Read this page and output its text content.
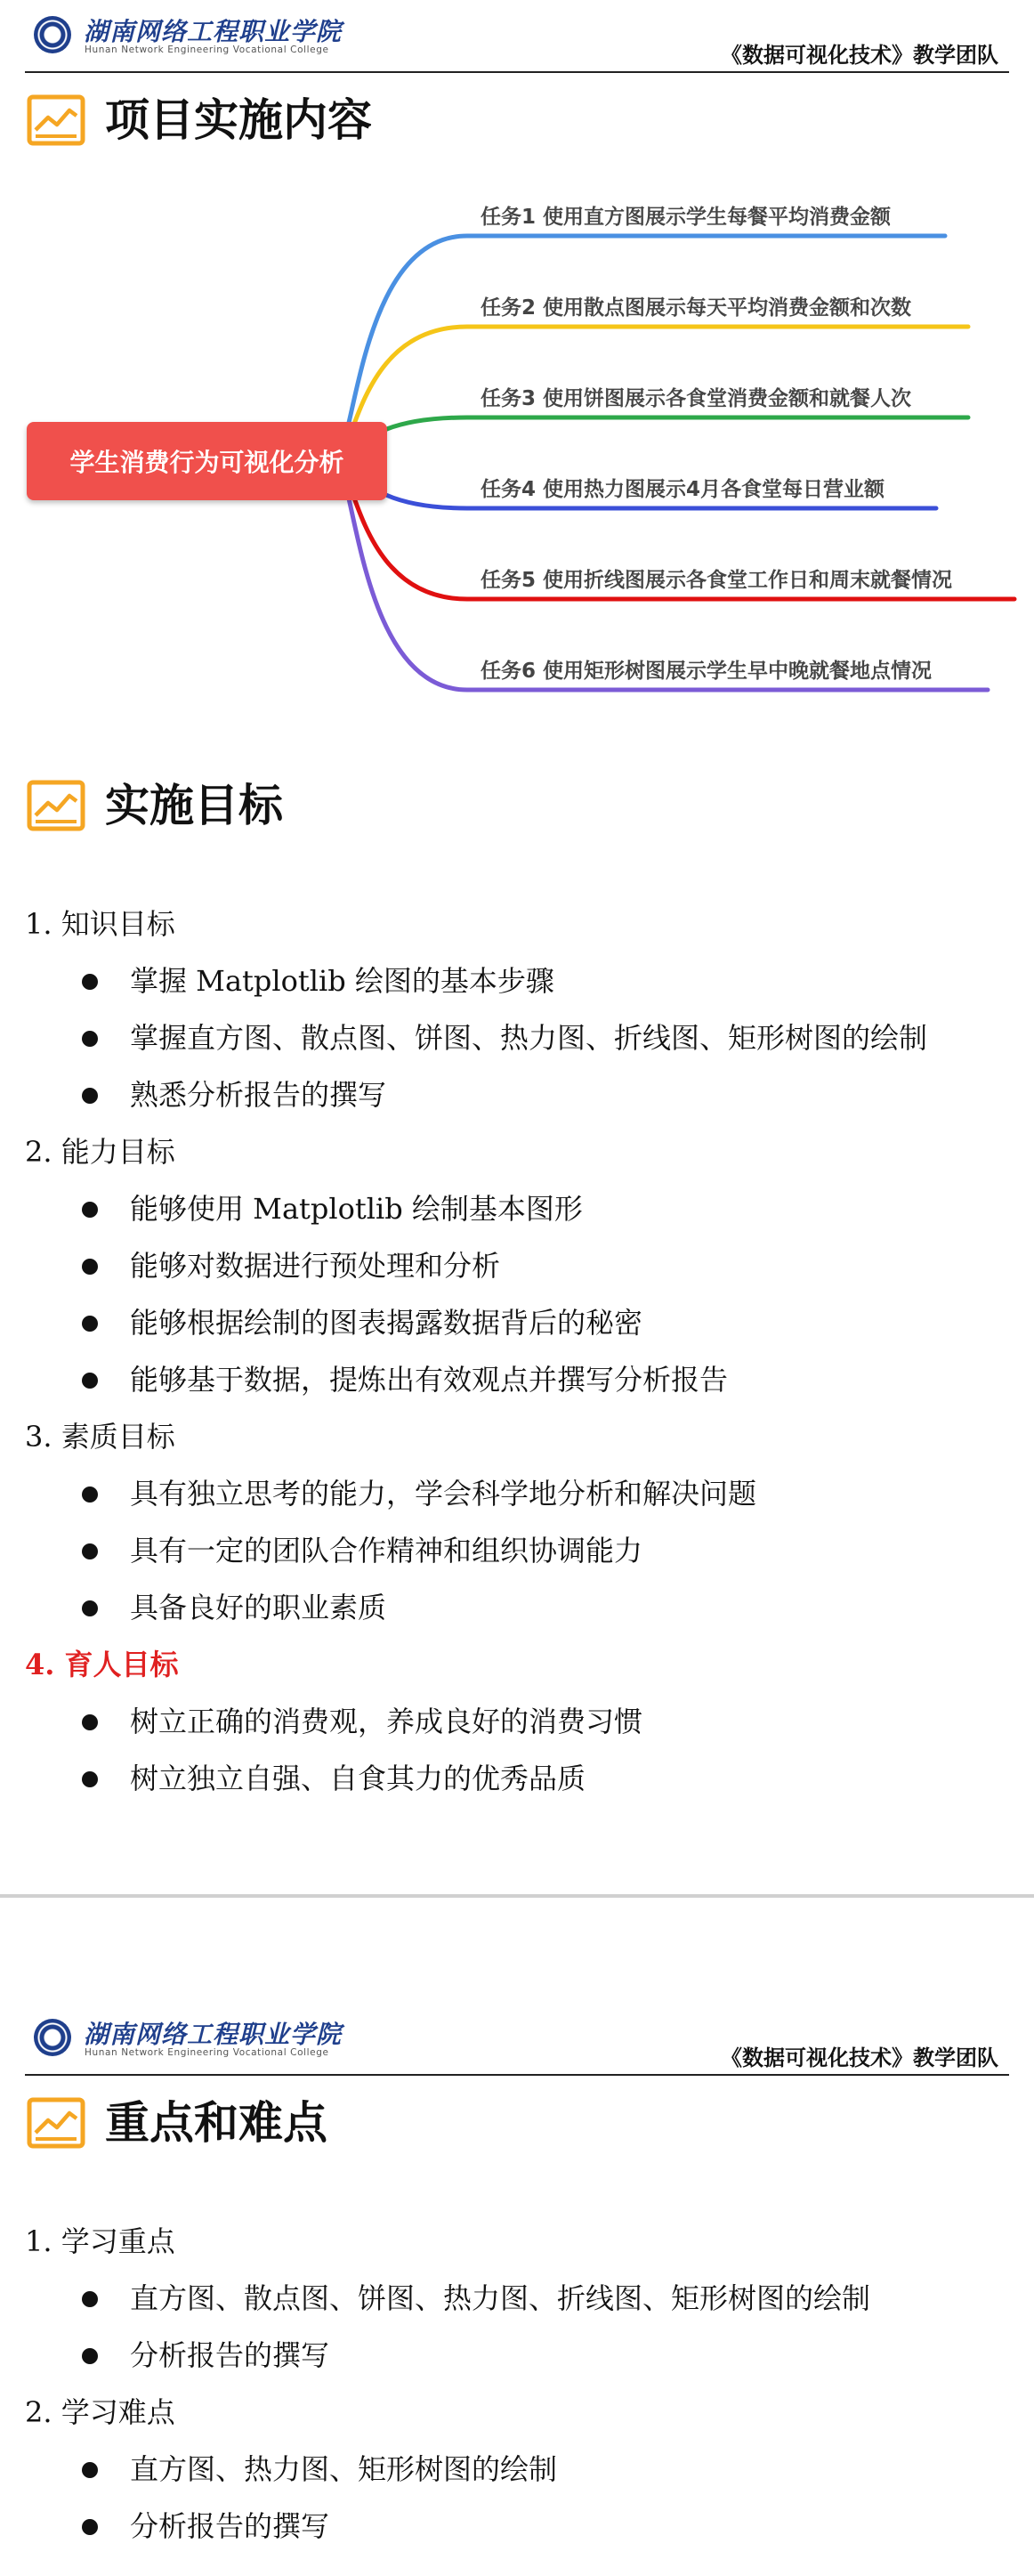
湖南网络工程职业学院
Hunan Network Engineering Vocational College	《数据可视化技术》教学团队
项目实施内容
学生消费行为可视化分析
任务1 使用直方图展示学生每餐平均消费金额
任务2 使用散点图展示每天平均消费金额和次数
任务3 使用饼图展示各食堂消费金额和就餐人次
任务4 使用热力图展示4月各食堂每日营业额
任务5 使用折线图展示各食堂工作日和周末就餐情况
任务6 使用矩形树图展示学生早中晚就餐地点情况
实施目标
1. 知识目标
掌握 Matplotlib 绘图的基本步骤
掌握直方图、散点图、饼图、热力图、折线图、矩形树图的绘制
熟悉分析报告的撰写
2. 能力目标
能够使用 Matplotlib 绘制基本图形
能够对数据进行预处理和分析
能够根据绘制的图表揭露数据背后的秘密
能够基于数据，提炼出有效观点并撰写分析报告
3. 素质目标
具有独立思考的能力，学会科学地分析和解决问题
具有一定的团队合作精神和组织协调能力
具备良好的职业素质
4. 育人目标
树立正确的消费观，养成良好的消费习惯
树立独立自强、自食其力的优秀品质
湖南网络工程职业学院
Hunan Network Engineering Vocational College	《数据可视化技术》教学团队
重点和难点
1. 学习重点
直方图、散点图、饼图、热力图、折线图、矩形树图的绘制
分析报告的撰写
2. 学习难点
直方图、热力图、矩形树图的绘制
分析报告的撰写
